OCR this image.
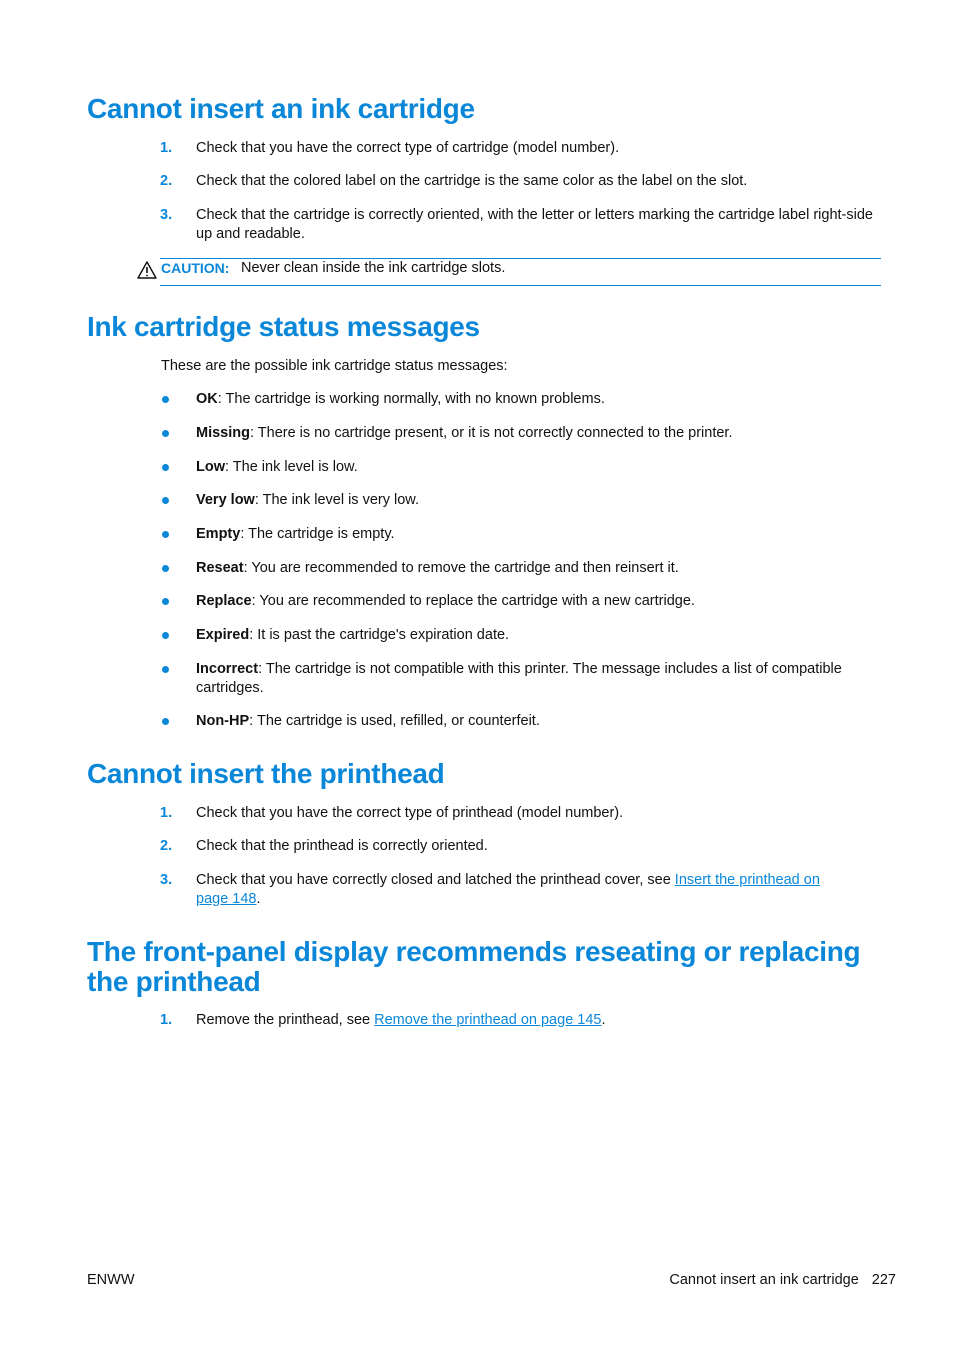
Cannot insert an ink cartridge
1.	Check that you have the correct type of cartridge (model number).
2.	Check that the colored label on the cartridge is the same color as the label on the slot.
3.	Check that the cartridge is correctly oriented, with the letter or letters marking the cartridge label right-side up and readable.
CAUTION: Never clean inside the ink cartridge slots.
Ink cartridge status messages
These are the possible ink cartridge status messages:
OK: The cartridge is working normally, with no known problems.
Missing: There is no cartridge present, or it is not correctly connected to the printer.
Low: The ink level is low.
Very low: The ink level is very low.
Empty: The cartridge is empty.
Reseat: You are recommended to remove the cartridge and then reinsert it.
Replace: You are recommended to replace the cartridge with a new cartridge.
Expired: It is past the cartridge's expiration date.
Incorrect: The cartridge is not compatible with this printer. The message includes a list of compatible cartridges.
Non-HP: The cartridge is used, refilled, or counterfeit.
Cannot insert the printhead
1.	Check that you have the correct type of printhead (model number).
2.	Check that the printhead is correctly oriented.
3.	Check that you have correctly closed and latched the printhead cover, see Insert the printhead on page 148.
The front-panel display recommends reseating or replacing the printhead
1.	Remove the printhead, see Remove the printhead on page 145.
ENWW	Cannot insert an ink cartridge 227
